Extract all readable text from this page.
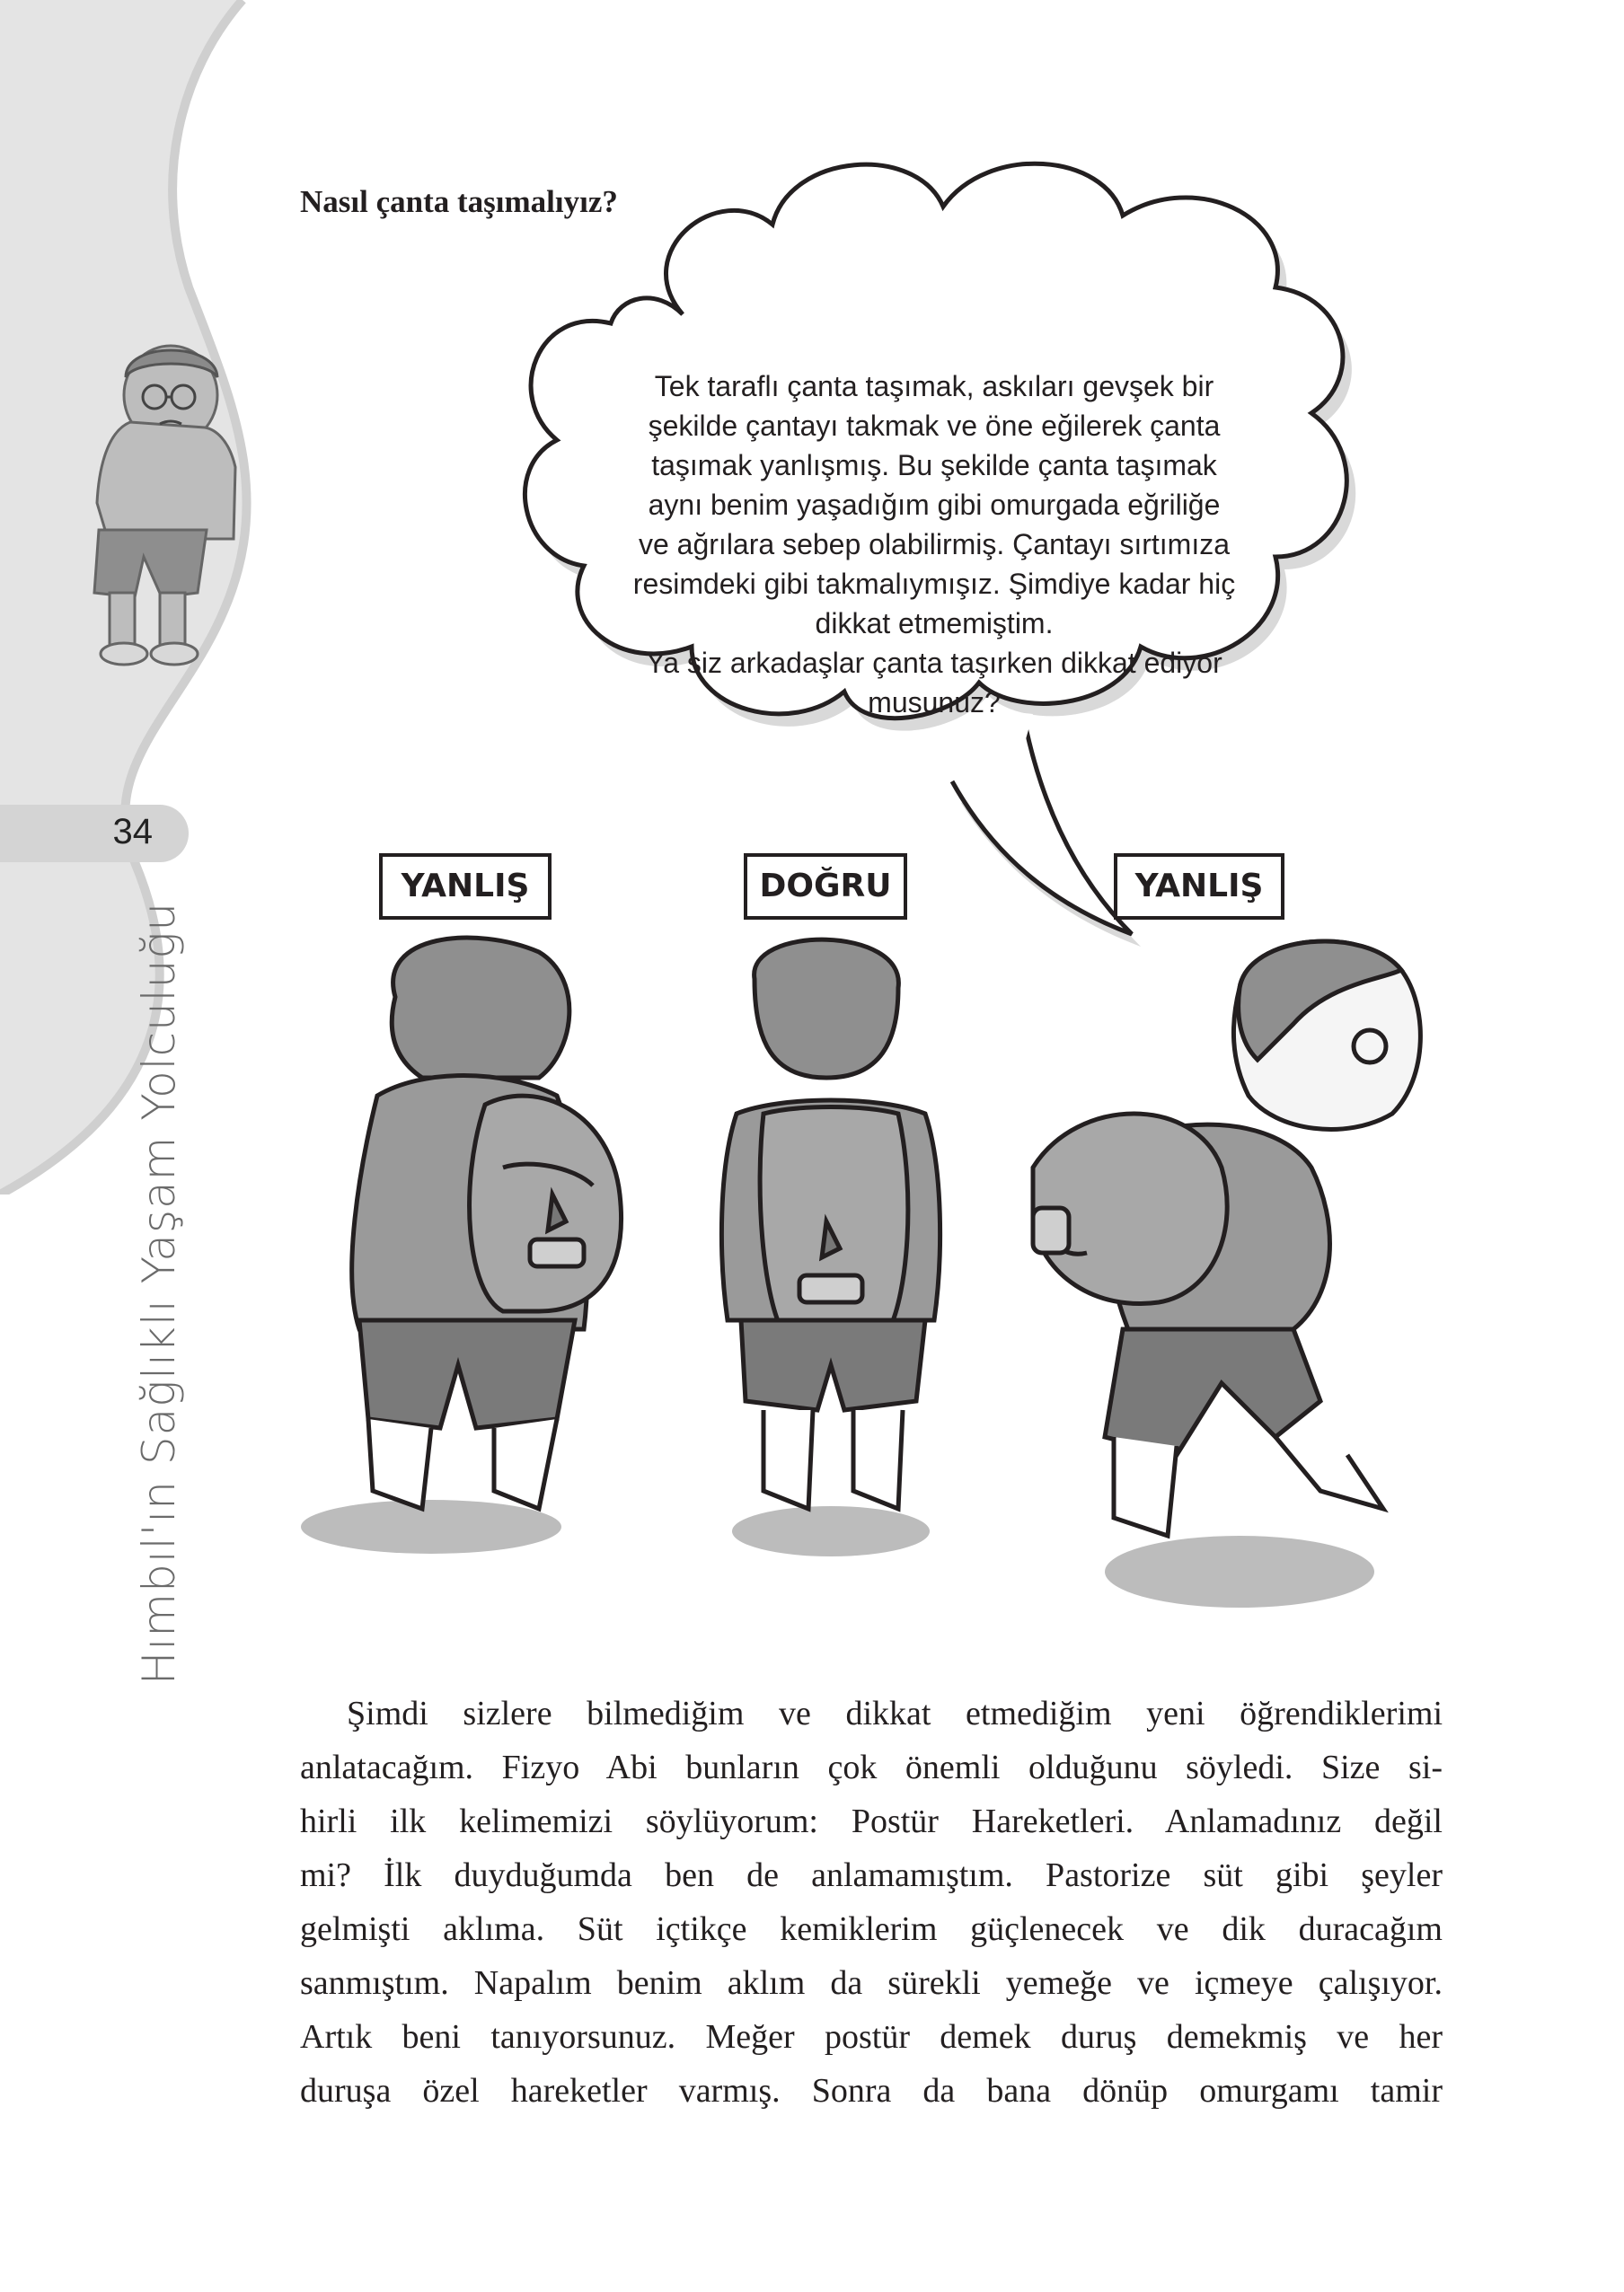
34
Hımbıl'ın Sağlıklı Yaşam Yolculuğu
Nasıl çanta taşımalıyız?
Tek taraflı çanta taşımak, askıları gevşek bir
şekilde çantayı takmak ve öne eğilerek çanta
taşımak yanlışmış. Bu şekilde çanta taşımak
aynı benim yaşadığım gibi omurgada eğriliğe
ve ağrılara sebep olabilirmiş. Çantayı sırtımıza
resimdeki gibi takmalıymışız. Şimdiye kadar hiç
dikkat etmemiştim.
Ya siz arkadaşlar çanta taşırken dikkat ediyor
musunuz?
YANLIŞ	DOĞRU	YANLIŞ
Şimdi sizlere bilmediğim ve dikkat etmediğim yeni öğrendiklerimi
anlatacağım. Fizyo Abi bunların çok önemli olduğunu söyledi. Size si-
hirli ilk kelimemizi söylüyorum: Postür Hareketleri. Anlamadınız değil
mi? İlk duyduğumda ben de anlamamıştım. Pastorize süt gibi şeyler
gelmişti aklıma. Süt içtikçe kemiklerim güçlenecek ve dik duracağım
sanmıştım. Napalım benim aklım da sürekli yemeğe ve içmeye çalışıyor.
Artık beni tanıyorsunuz. Meğer postür demek duruş demekmiş ve her
duruşa özel hareketler varmış. Sonra da bana dönüp omurgamı tamir
